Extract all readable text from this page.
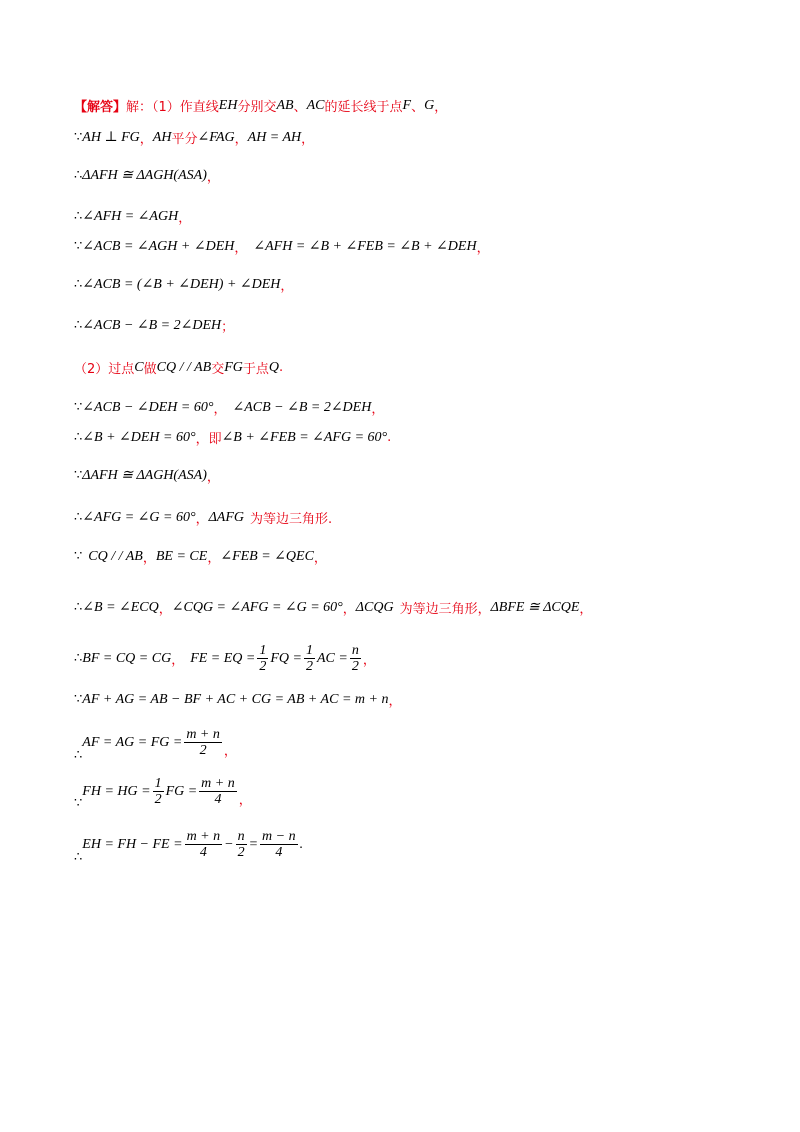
【解答】 解：（1）作直线 EH 分别交 AB 、 AC 的延长线于点 F 、 G ，
∵ AH ⊥ FG ， AH 平分 ∠FAG ， AH = AH ，
∴ ΔAFH ≅ ΔAGH(ASA) ，
∴ ∠AFH = ∠AGH ，
∵ ∠ACB = ∠AGH + ∠DEH ， ∠AFH = ∠B + ∠FEB = ∠B + ∠DEH ，
∴ ∠ACB = (∠B + ∠DEH) + ∠DEH ，
∴ ∠ACB − ∠B = 2∠DEH ；
（2）过点 C 做 CQ / / AB 交 FG 于点 Q .
∵ ∠ACB − ∠DEH = 60° ， ∠ACB − ∠B = 2∠DEH ，
∴ ∠B + ∠DEH = 60° ，即 ∠B + ∠FEB = ∠AFG = 60° .
∵ ΔAFH ≅ ΔAGH(ASA) ，
∴ ∠AFG = ∠G = 60° ， ΔAFG 为等边三角形.
∵ CQ / / AB ， BE = CE ， ∠FEB = ∠QEC ，
∴ ∠B = ∠ECQ ， ∠CQG = ∠AFG = ∠G = 60° ， ΔCQG 为等边三角形， ΔBFE ≅ ΔCQE ，
∴ BF = CQ = CG ， FE = EQ = $\frac{1}{2}$ FQ = $\frac{1}{2}$ AC = $\frac{n}{2}$ ，
∵ AF + AG = AB − BF + AC + CG = AB + AC = m + n ，
∴
AF = AG = FG = $\frac{m + n}{2}$ ，
∵
FH = HG = $\frac{1}{2}$ FG = $\frac{m + n}{4}$ ，
∴
EH = FH − FE = $\frac{m + n}{4} - \frac{n}{2} = \frac{m - n}{4}$ .
